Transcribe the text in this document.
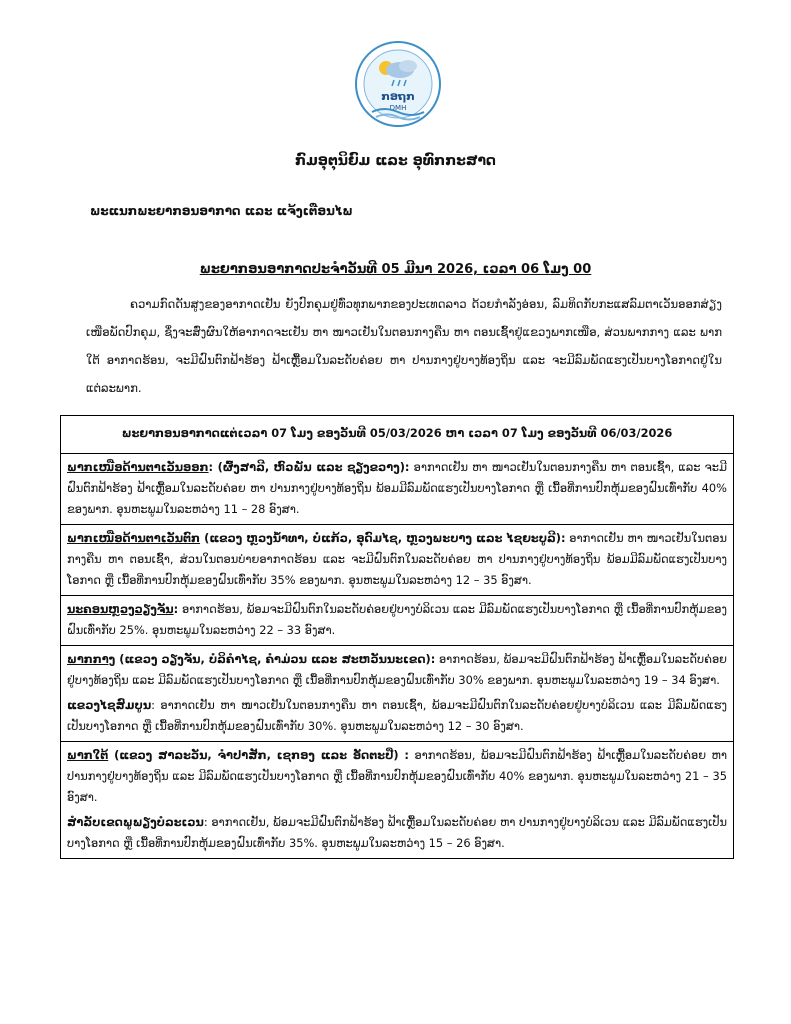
ກອຖກ
DMH
ກົມອຸຕຸນິຍົມ ແລະ ອຸທົກກະສາດ
ພະແນກພະຍາກອນອາກາດ ແລະ ແຈ້ງເຕືອນໄພ
ພະຍາກອນອາກາດປະຈຳວັນທີ 05 ມີນາ 2026, ເວລາ 06 ໂມງ 00

ຄວາມກົດດັນສູງຂອງອາກາດເຢັນ ຍັງປົກຄຸມຢູ່ທົ່ວທຸກພາກຂອງປະເທດລາວ ດ້ວຍກຳລັງອ່ອນ, ລົມທິດກັບກະແສລົມຕາເວັນອອກສ່ຽງເໜືອພັດປົກຄຸມ, ຊຶ່ງຈະສົ່ງຜົນໃຫ້ອາກາດຈະເຢັນ ຫາ ໜາວເຢັນໃນຕອນກາງຄືນ ຫາ ຕອນເຊົ້າຢູ່ແຂວງພາກເໜືອ, ສ່ວນພາກກາງ ແລະ ພາກໃຕ້ ອາກາດຮ້ອນ, ຈະມີຝົນຕົກຟ້າຮ້ອງ ຟ້າເຫຼື້ອມໃນລະດັບຄ່ອຍ ຫາ ປານກາງຢູ່ບາງທ້ອງຖິ່ນ ແລະ ຈະມີລົມພັດແຮງເປັນບາງໂອກາດຢູ່ໃນແຕ່ລະພາກ.

ພະຍາກອນອາກາດແຕ່ເວລາ 07 ໂມງ ຂອງວັນທີ 05/03/2026 ຫາ ເວລາ 07 ໂມງ ຂອງວັນທີ 06/03/2026
ພາກເໜືອດ້ານຕາເວັນອອກ: (ຜົ້ງສາລີ, ຫົວພັນ ແລະ ຊຽງຂວາງ): ອາກາດເຢັນ ຫາ ໜາວເຢັນໃນຕອນກາງຄືນ ຫາ ຕອນເຊົ້າ, ແລະ ຈະມີຝົນຕົກຟ້າຮ້ອງ ຟ້າເຫຼື້ອມໃນລະດັບຄ່ອຍ ຫາ ປານກາງຢູ່ບາງທ້ອງຖິ່ນ ພ້ອມມີລົມພັດແຮງເປັນບາງໂອກາດ ຫຼື ເນື້ອທີ່ການປົກຫຸ້ມຂອງຝົນເທົ່າກັບ 40% ຂອງພາກ. ອຸນຫະພູມໃນລະຫວ່າງ 11 – 28 ອົງສາ.
ພາກເໜືອດ້ານຕາເວັນຕົກ (ແຂວງ ຫຼວງນ້ຳທາ, ບໍ່ແກ້ວ, ອຸດົມໄຊ, ຫຼວງພະບາງ ແລະ ໄຊຍະບູລີ): ອາກາດເຢັນ ຫາ ໜາວເຢັນໃນຕອນກາງຄືນ ຫາ ຕອນເຊົ້າ, ສ່ວນໃນຕອນບ່າຍອາກາດຮ້ອນ ແລະ ຈະມີຝົນຕົກໃນລະດັບຄ່ອຍ ຫາ ປານກາງຢູ່ບາງທ້ອງຖິ່ນ ພ້ອມມີລົມພັດແຮງເປັນບາງໂອກາດ ຫຼື ເນື້ອທີ່ການປົກຫຸ້ມຂອງຝົນເທົ່າກັບ 35% ຂອງພາກ. ອຸນຫະພູມໃນລະຫວ່າງ 12 – 35 ອົງສາ.
ນະຄອນຫຼວງວຽງຈັນ: ອາກາດຮ້ອນ, ພ້ອມຈະມີຝົນຕົກໃນລະດັບຄ່ອຍຢູ່ບາງບໍລິເວນ ແລະ ມີລົມພັດແຮງເປັນບາງໂອກາດ ຫຼື ເນື້ອທີ່ການປົກຫຸ້ມຂອງຝົນເທົ່າກັບ 25%. ອຸນຫະພູມໃນລະຫວ່າງ 22 – 33 ອົງສາ.

ພາກກາງ (ແຂວງ ວຽງຈັນ, ບໍລິຄຳໄຊ, ຄຳມ່ວນ ແລະ ສະຫວັນນະເຂດ): ອາກາດຮ້ອນ, ພ້ອມຈະມີຝົນຕົກຟ້າຮ້ອງ ຟ້າເຫຼື້ອມໃນລະດັບຄ່ອຍຢູ່ບາງທ້ອງຖິ່ນ ແລະ ມີລົມພັດແຮງເປັນບາງໂອກາດ ຫຼື ເນື້ອທີ່ການປົກຫຸ້ມຂອງຝົນເທົ່າກັບ 30% ຂອງພາກ. ອຸນຫະພູມໃນລະຫວ່າງ 19 – 34 ອົງສາ.
ແຂວງໄຊສົມບູນ: ອາກາດເຢັນ ຫາ ໜາວເຢັນໃນຕອນກາງຄືນ ຫາ ຕອນເຊົ້າ, ພ້ອມຈະມີຝົນຕົກໃນລະດັບຄ່ອຍຢູ່ບາງບໍລິເວນ ແລະ ມີລົມພັດແຮງເປັນບາງໂອກາດ ຫຼື ເນື້ອທີ່ການປົກຫຸ້ມຂອງຝົນເທົ່າກັບ 30%. ອຸນຫະພູມໃນລະຫວ່າງ 12 – 30 ອົງສາ.

ພາກໃຕ້ (ແຂວງ ສາລະວັນ, ຈຳປາສັກ, ເຊກອງ ແລະ ອັດຕະປື) : ອາກາດຮ້ອນ, ພ້ອມຈະມີຝົນຕົກຟ້າຮ້ອງ ຟ້າເຫຼື້ອມໃນລະດັບຄ່ອຍ ຫາ ປານກາງຢູ່ບາງທ້ອງຖິ່ນ ແລະ ມີລົມພັດແຮງເປັນບາງໂອກາດ ຫຼື ເນື້ອທີ່ການປົກຫຸ້ມຂອງຝົນເທົ່າກັບ 40% ຂອງພາກ. ອຸນຫະພູມໃນລະຫວ່າງ 21 – 35 ອົງສາ.
ສຳລັບເຂດພູພຽງບໍລະເວນ: ອາກາດເຢັນ, ພ້ອມຈະມີຝົນຕົກຟ້າຮ້ອງ ຟ້າເຫຼື້ອມໃນລະດັບຄ່ອຍ ຫາ ປານກາງຢູ່ບາງບໍລິເວນ ແລະ ມີລົມພັດແຮງເປັນບາງໂອກາດ ຫຼື ເນື້ອທີ່ການປົກຫຸ້ມຂອງຝົນເທົ່າກັບ 35%. ອຸນຫະພູມໃນລະຫວ່າງ 15 – 26 ອົງສາ.
